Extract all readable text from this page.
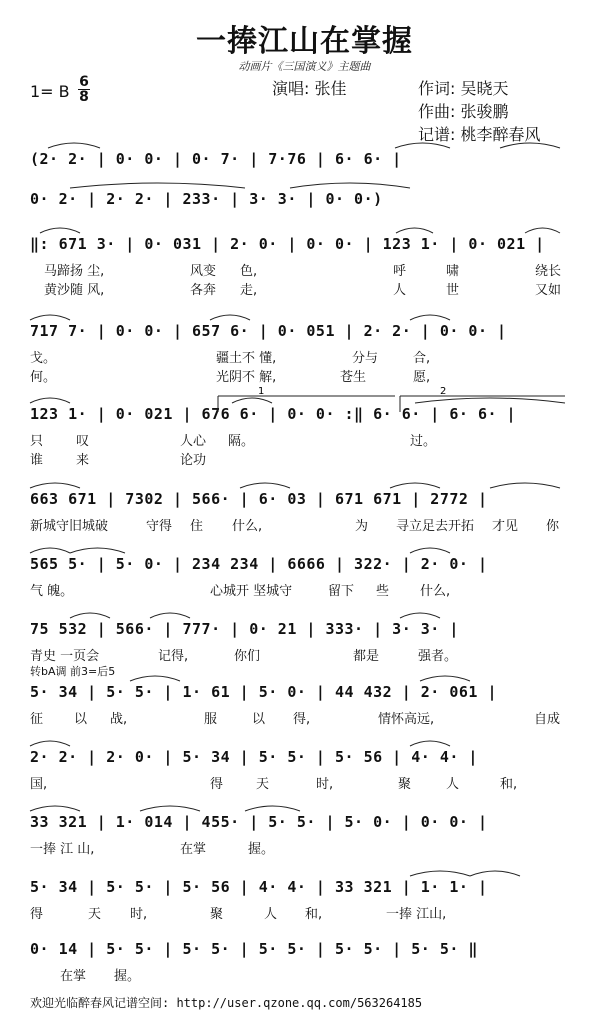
一捧江山在掌握
动画片《三国演义》主题曲
1= B 6
8	演唱: 张佳	作词: 吴晓天
作曲: 张骏鹏
记谱: 桃李醉春风
(2· 2· | 0· 0· | 0· 7· | 7·76 | 6· 6· |
0· 2· | 2· 2· | 233· | 3· 3· | 0· 0·)
‖: 671 3· | 0· 031 | 2· 0· | 0· 0· | 123 1· | 0· 021 |
马蹄扬 尘,	风变 色,	呼	啸	绕长
黄沙随 风,	各奔 走,	人	世	又如
717 7· | 0· 0· | 657 6· | 0· 051 | 2· 2· | 0· 0· |
戈。	疆土不 懂,	分与	合,
何。	光阴不 解,	苍生	愿,
123 1· | 0· 021 | 676 6· | 0· 0· :‖ 6· 6· | 6· 6· |
只	叹	人心 隔。	过。
谁	来	论功
663 671 | 7302 | 566· | 6· 03 | 671 671 | 2772 |
新城守旧城破	守得 住 什么,	为 寻立足去开拓 才见 你
565 5· | 5· 0· | 234 234 | 6666 | 322· | 2· 0· |
气 魄。	心城开 坚城守	留下 些 什么,
75 532 | 566· | 777· | 0· 21 | 333· | 3· 3· |
青史 一页会	记得,	你们	都是	强者。
5· 34 | 5· 5· | 1· 61 | 5· 0· | 44 432 | 2· 061 |
征 以 战,	服	以 得,	情怀高远,	自成
2· 2· | 2· 0· | 5· 34 | 5· 5· | 5· 56 | 4· 4· |
国,	得	天	时,	聚	人	和,
33 321 | 1· 014 | 455· | 5· 5· | 5· 0· | 0· 0· |
一捧 江 山,	在掌	握。
5· 34 | 5· 5· | 5· 56 | 4· 4· | 33 321 | 1· 1· |
得	天 时,	聚	人 和,	一捧 江山,
0· 14 | 5· 5· | 5· 5· | 5· 5· | 5· 5· | 5· 5· ‖
在掌 握。
转bA调 前3=后5
1	2
欢迎光临醉春风记谱空间: http://user.qzone.qq.com/563264185
